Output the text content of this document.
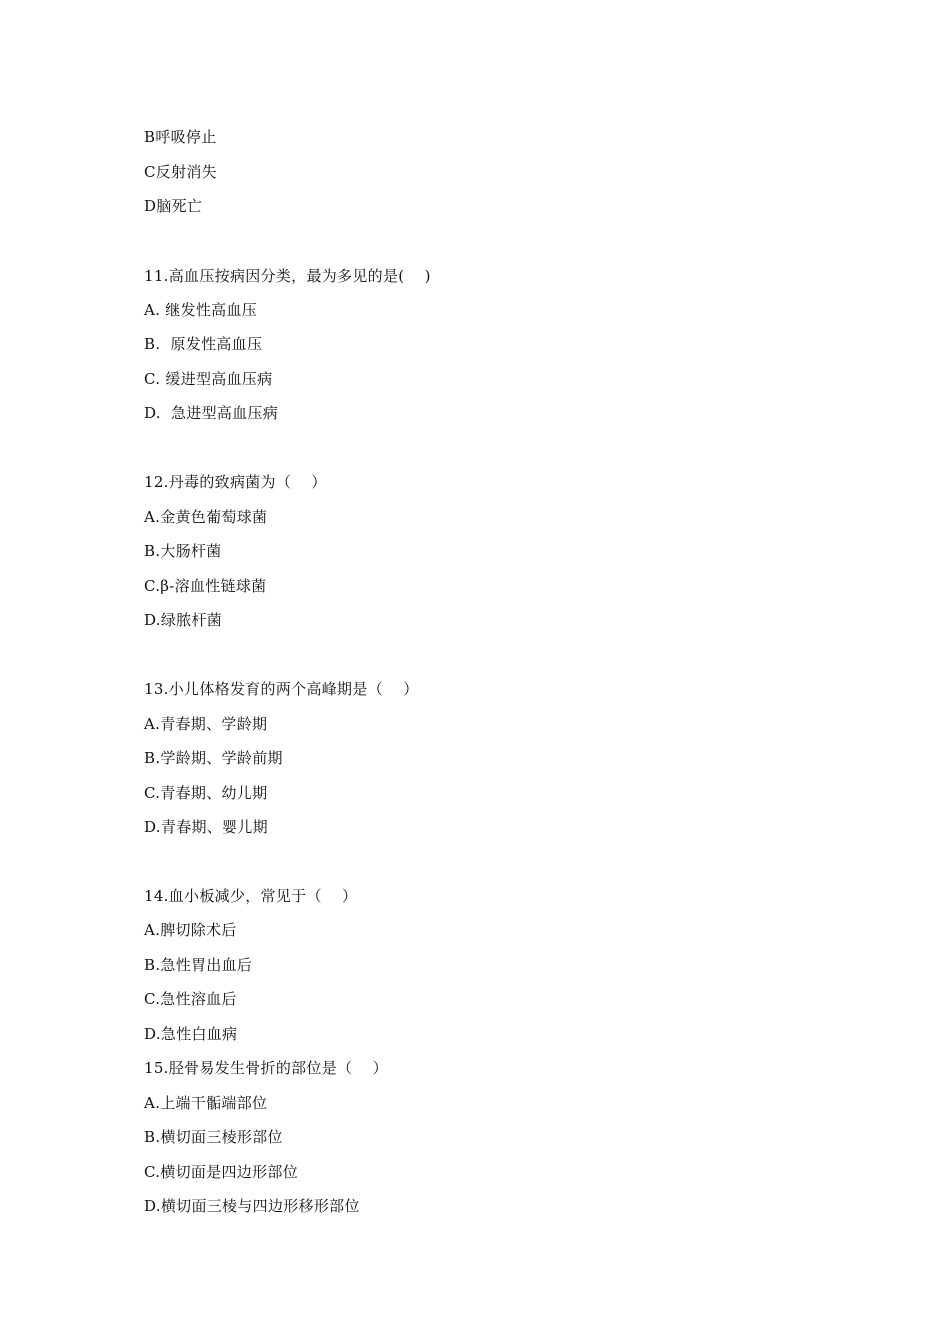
B呼吸停止
C反射消失
D脑死亡
11.高血压按病因分类，最为多见的是(    )
A. 继发性高血压
B.  原发性高血压
C. 缓进型高血压病
D.  急进型高血压病
12.丹毒的致病菌为（    ）
A.金黄色葡萄球菌
B.大肠杆菌
C.β-溶血性链球菌
D.绿脓杆菌
13.小儿体格发育的两个高峰期是（    ）
A.青春期、学龄期
B.学龄期、学龄前期
C.青春期、幼儿期
D.青春期、婴儿期
14.血小板减少，常见于（    ）
A.脾切除术后
B.急性胃出血后
C.急性溶血后
D.急性白血病
15.胫骨易发生骨折的部位是（    ）
A.上端干骺端部位
B.横切面三棱形部位
C.横切面是四边形部位
D.横切面三棱与四边形移形部位
